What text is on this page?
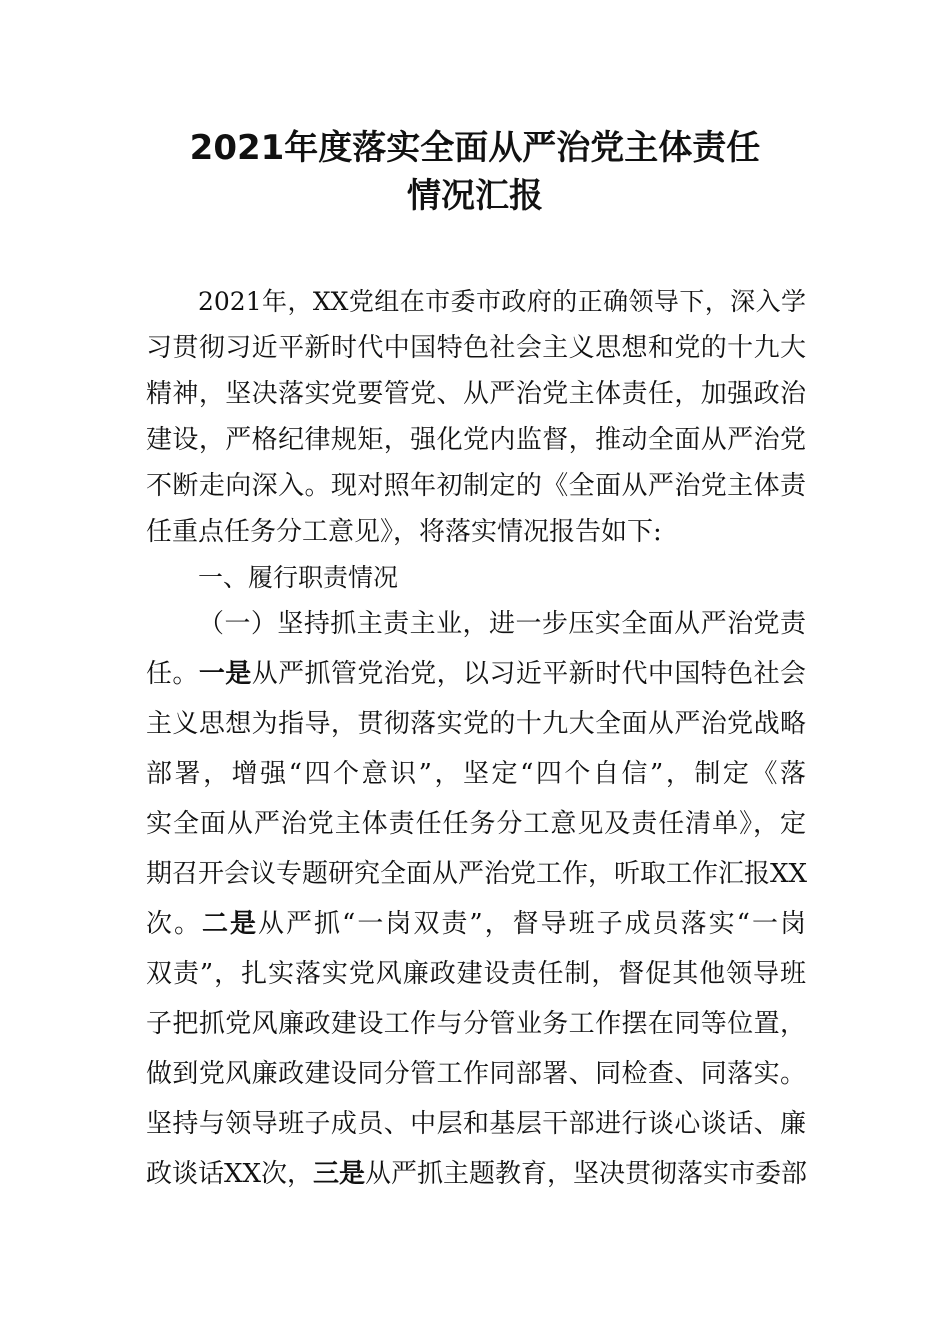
2021年度落实全面从严治党主体责任
情况汇报
2021年，XX党组在市委市政府的正确领导下，深入学
习贯彻习近平新时代中国特色社会主义思想和党的十九大
精神，坚决落实党要管党、从严治党主体责任，加强政治
建设，严格纪律规矩，强化党内监督，推动全面从严治党
不断走向深入。现对照年初制定的《全面从严治党主体责
任重点任务分工意见》，将落实情况报告如下:
一、履行职责情况
（一）坚持抓主责主业，进一步压实全面从严治党责
任。一是从严抓管党治党，以习近平新时代中国特色社会
主义思想为指导，贯彻落实党的十九大全面从严治党战略
部署，增强“四个意识”，坚定“四个自信”，制定《落
实全面从严治党主体责任任务分工意见及责任清单》，定
期召开会议专题研究全面从严治党工作，听取工作汇报XX
次。二是从严抓“一岗双责”，督导班子成员落实“一岗
双责”，扎实落实党风廉政建设责任制，督促其他领导班
子把抓党风廉政建设工作与分管业务工作摆在同等位置，
做到党风廉政建设同分管工作同部署、同检查、同落实。
坚持与领导班子成员、中层和基层干部进行谈心谈话、廉
政谈话XX次，三是从严抓主题教育，坚决贯彻落实市委部
